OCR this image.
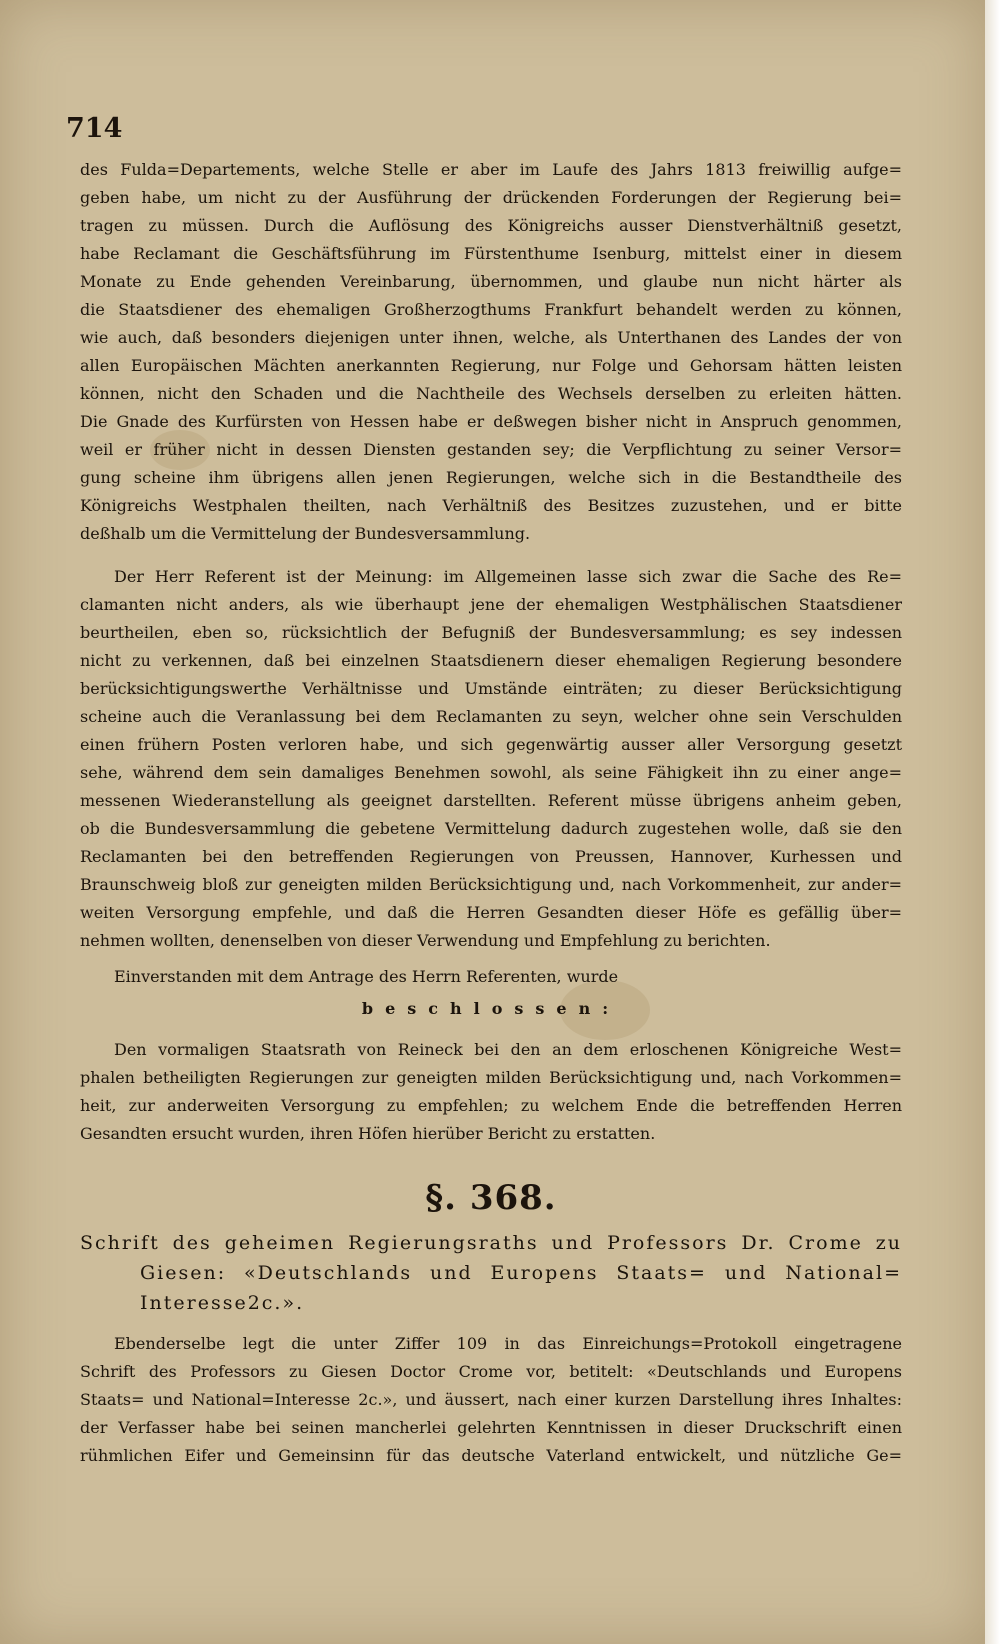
714
des Fulda=Departements, welche Stelle er aber im Laufe des Jahrs 1813 freiwillig aufge=
geben habe, um nicht zu der Ausführung der drückenden Forderungen der Regierung bei=
tragen zu müssen. Durch die Auflösung des Königreichs ausser Dienstverhältniß gesetzt,
habe Reclamant die Geschäftsführung im Fürstenthume Isenburg, mittelst einer in diesem
Monate zu Ende gehenden Vereinbarung, übernommen, und glaube nun nicht härter als
die Staatsdiener des ehemaligen Großherzogthums Frankfurt behandelt werden zu können,
wie auch, daß besonders diejenigen unter ihnen, welche, als Unterthanen des Landes der von
allen Europäischen Mächten anerkannten Regierung, nur Folge und Gehorsam hätten leisten
können, nicht den Schaden und die Nachtheile des Wechsels derselben zu erleiten hätten.
Die Gnade des Kurfürsten von Hessen habe er deßwegen bisher nicht in Anspruch genommen,
weil er früher nicht in dessen Diensten gestanden sey; die Verpflichtung zu seiner Versor=
gung scheine ihm übrigens allen jenen Regierungen, welche sich in die Bestandtheile des
Königreichs Westphalen theilten, nach Verhältniß des Besitzes zuzustehen, und er bitte
deßhalb um die Vermittelung der Bundesversammlung.
Der Herr Referent ist der Meinung: im Allgemeinen lasse sich zwar die Sache des Re=
clamanten nicht anders, als wie überhaupt jene der ehemaligen Westphälischen Staatsdiener
beurtheilen, eben so, rücksichtlich der Befugniß der Bundesversammlung; es sey indessen
nicht zu verkennen, daß bei einzelnen Staatsdienern dieser ehemaligen Regierung besondere
berücksichtigungswerthe Verhältnisse und Umstände einträten; zu dieser Berücksichtigung
scheine auch die Veranlassung bei dem Reclamanten zu seyn, welcher ohne sein Verschulden
einen frühern Posten verloren habe, und sich gegenwärtig ausser aller Versorgung gesetzt
sehe, während dem sein damaliges Benehmen sowohl, als seine Fähigkeit ihn zu einer ange=
messenen Wiederanstellung als geeignet darstellten. Referent müsse übrigens anheim geben,
ob die Bundesversammlung die gebetene Vermittelung dadurch zugestehen wolle, daß sie den
Reclamanten bei den betreffenden Regierungen von Preussen, Hannover, Kurhessen und
Braunschweig bloß zur geneigten milden Berücksichtigung und, nach Vorkommenheit, zur ander=
weiten Versorgung empfehle, und daß die Herren Gesandten dieser Höfe es gefällig über=
nehmen wollten, denenselben von dieser Verwendung und Empfehlung zu berichten.
Einverstanden mit dem Antrage des Herrn Referenten, wurde
beschlossen:
Den vormaligen Staatsrath von Reineck bei den an dem erloschenen Königreiche West=
phalen betheiligten Regierungen zur geneigten milden Berücksichtigung und, nach Vorkommen=
heit, zur anderweiten Versorgung zu empfehlen; zu welchem Ende die betreffenden Herren
Gesandten ersucht wurden, ihren Höfen hierüber Bericht zu erstatten.
§. 368.
Schrift des geheimen Regierungsraths und Professors Dr. Crome zu
Giesen: «Deutschlands und Europens Staats= und National=
Interesse2c.».
Ebenderselbe legt die unter Ziffer 109 in das Einreichungs=Protokoll eingetragene
Schrift des Professors zu Giesen Doctor Crome vor, betitelt: «Deutschlands und Europens
Staats= und National=Interesse 2c.», und äussert, nach einer kurzen Darstellung ihres Inhaltes:
der Verfasser habe bei seinen mancherlei gelehrten Kenntnissen in dieser Druckschrift einen
rühmlichen Eifer und Gemeinsinn für das deutsche Vaterland entwickelt, und nützliche Ge=
